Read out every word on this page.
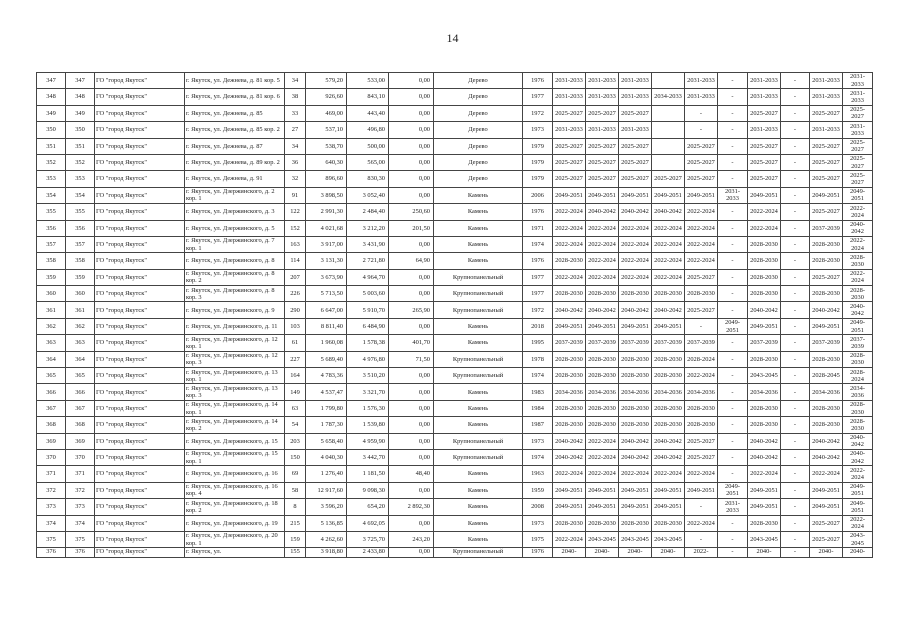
14
347	347	ГО "город Якутск"	г. Якутск, ул. Дежнева, д. 81 кор. 5	34	579,20	533,00	0,00	Дерево	1976	2031-2033	2031-2033	2031-2033		2031-2033	-	2031-2033	-	2031-2033	2031-2033
348	348	ГО "город Якутск"	г. Якутск, ул. Дежнева, д. 81 кор. 6	38	926,60	843,10	0,00	Дерево	1977	2031-2033	2031-2033	2031-2033	2034-2033	2031-2033	-	2031-2033	-	2031-2033	2031-2033
349	349	ГО "город Якутск"	г. Якутск, ул. Дежнева, д. 85	33	469,00	443,40	0,00	Дерево	1972	2025-2027	2025-2027	2025-2027		-	-	2025-2027	-	2025-2027	2025-2027
350	350	ГО "город Якутск"	г. Якутск, ул. Дежнева, д. 85 кор. 2	27	537,10	496,80	0,00	Дерево	1973	2031-2033	2031-2033	2031-2033		-	-	2031-2033	-	2031-2033	2031-2033
351	351	ГО "город Якутск"	г. Якутск, ул. Дежнева, д. 87	34	538,70	500,00	0,00	Дерево	1979	2025-2027	2025-2027	2025-2027		2025-2027	-	2025-2027	-	2025-2027	2025-2027
352	352	ГО "город Якутск"	г. Якутск, ул. Дежнева, д. 89 кор. 2	36	640,30	565,00	0,00	Дерево	1979	2025-2027	2025-2027	2025-2027		2025-2027	-	2025-2027	-	2025-2027	2025-2027
353	353	ГО "город Якутск"	г. Якутск, ул. Дежнева, д. 91	32	896,60	830,30	0,00	Дерево	1979	2025-2027	2025-2027	2025-2027	2025-2027	2025-2027	-	2025-2027	-	2025-2027	2025-2027
354	354	ГО "город Якутск"	г. Якутск, ул. Дзержинского, д. 2 кор. 1	91	3 898,50	3 052,40	0,00	Камень	2006	2049-2051	2049-2051	2049-2051	2049-2051	2049-2051	2031-2033	2049-2051	-	2049-2051	2049-2051
355	355	ГО "город Якутск"	г. Якутск, ул. Дзержинского, д. 3	122	2 991,30	2 484,40	250,60	Камень	1976	2022-2024	2040-2042	2040-2042	2040-2042	2022-2024	-	2022-2024	-	2025-2027	2022-2024
356	356	ГО "город Якутск"	г. Якутск, ул. Дзержинского, д. 5	152	4 021,68	3 212,20	201,50	Камень	1971	2022-2024	2022-2024	2022-2024	2022-2024	2022-2024	-	2022-2024	-	2037-2039	2040-2042
357	357	ГО "город Якутск"	г. Якутск, ул. Дзержинского, д. 7 кор. 1	163	3 917,00	3 431,90	0,00	Камень	1974	2022-2024	2022-2024	2022-2024	2022-2024	2022-2024	-	2028-2030	-	2028-2030	2022-2024
358	358	ГО "город Якутск"	г. Якутск, ул. Дзержинского, д. 8	114	3 131,30	2 721,80	64,90	Камень	1976	2028-2030	2022-2024	2022-2024	2022-2024	2022-2024	-	2028-2030	-	2028-2030	2028-2030
359	359	ГО "город Якутск"	г. Якутск, ул. Дзержинского, д. 8 кор. 2	207	3 673,90	4 964,70	0,00	Крупнопанельный	1977	2022-2024	2022-2024	2022-2024	2022-2024	2025-2027	-	2028-2030	-	2025-2027	2022-2024
360	360	ГО "город Якутск"	г. Якутск, ул. Дзержинского, д. 8 кор. 3	226	5 713,50	5 003,60	0,00	Крупнопанельный	1977	2028-2030	2028-2030	2028-2030	2028-2030	2028-2030	-	2028-2030	-	2028-2030	2028-2030
361	361	ГО "город Якутск"	г. Якутск, ул. Дзержинского, д. 9	290	6 647,00	5 910,70	265,90	Крупнопанельный	1972	2040-2042	2040-2042	2040-2042	2040-2042	2025-2027	-	2040-2042	-	2040-2042	2040-2042
362	362	ГО "город Якутск"	г. Якутск, ул. Дзержинского, д. 11	103	8 811,40	6 484,90	0,00	Камень	2018	2049-2051	2049-2051	2049-2051	2049-2051	-	2049-2051	2049-2051	-	2049-2051	2049-2051
363	363	ГО "город Якутск"	г. Якутск, ул. Дзержинского, д. 12 кор. 1	61	1 960,08	1 578,38	401,70	Камень	1995	2037-2039	2037-2039	2037-2039	2037-2039	2037-2039	-	2037-2039	-	2037-2039	2037-2039
364	364	ГО "город Якутск"	г. Якутск, ул. Дзержинского, д. 12 кор. 3	227	5 689,40	4 976,80	71,50	Крупнопанельный	1978	2028-2030	2028-2030	2028-2030	2028-2030	2028-2024	-	2028-2030	-	2028-2030	2028-2030
365	365	ГО "город Якутск"	г. Якутск, ул. Дзержинского, д. 13 кор. 1	164	4 783,36	3 510,20	0,00	Крупнопанельный	1974	2028-2030	2028-2030	2028-2030	2028-2030	2022-2024	-	2043-2045	-	2028-2045	2028-2024
366	366	ГО "город Якутск"	г. Якутск, ул. Дзержинского, д. 13 кор. 3	149	4 537,47	3 321,70	0,00	Камень	1983	2034-2036	2034-2036	2034-2036	2034-2036	2034-2036	-	2034-2036	-	2034-2036	2034-2036
367	367	ГО "город Якутск"	г. Якутск, ул. Дзержинского, д. 14 кор. 1	63	1 799,80	1 576,30	0,00	Камень	1984	2028-2030	2028-2030	2028-2030	2028-2030	2028-2030	-	2028-2030	-	2028-2030	2028-2030
368	368	ГО "город Якутск"	г. Якутск, ул. Дзержинского, д. 14 кор. 2	54	1 787,30	1 539,80	0,00	Камень	1987	2028-2030	2028-2030	2028-2030	2028-2030	2028-2030	-	2028-2030	-	2028-2030	2028-2030
369	369	ГО "город Якутск"	г. Якутск, ул. Дзержинского, д. 15	203	5 658,40	4 959,90	0,00	Крупнопанельный	1973	2040-2042	2022-2024	2040-2042	2040-2042	2025-2027	-	2040-2042	-	2040-2042	2040-2042
370	370	ГО "город Якутск"	г. Якутск, ул. Дзержинского, д. 15 кор. 1	150	4 040,30	3 442,70	0,00	Крупнопанельный	1974	2040-2042	2022-2024	2040-2042	2040-2042	2025-2027	-	2040-2042	-	2040-2042	2040-2042
371	371	ГО "город Якутск"	г. Якутск, ул. Дзержинского, д. 16	69	1 276,40	1 181,50	48,40	Камень	1963	2022-2024	2022-2024	2022-2024	2022-2024	2022-2024	-	2022-2024	-	2022-2024	2022-2024
372	372	ГО "город Якутск"	г. Якутск, ул. Дзержинского, д. 16 кор. 4	58	12 917,60	9 098,30	0,00	Камень	1959	2049-2051	2049-2051	2049-2051	2049-2051	2049-2051	2049-2051	2049-2051	-	2049-2051	2049-2051
373	373	ГО "город Якутск"	г. Якутск, ул. Дзержинского, д. 18 кор. 2	8	3 596,20	654,20	2 892,30	Камень	2008	2049-2051	2049-2051	2049-2051	2049-2051	-	2031-2033	2049-2051	-	2049-2051	2049-2051
374	374	ГО "город Якутск"	г. Якутск, ул. Дзержинского, д. 19	215	5 136,85	4 692,05	0,00	Камень	1973	2028-2030	2028-2030	2028-2030	2028-2030	2022-2024	-	2028-2030	-	2025-2027	2022-2024
375	375	ГО "город Якутск"	г. Якутск, ул. Дзержинского, д. 20 кор. 1	159	4 262,60	3 725,70	243,20	Камень	1975	2022-2024	2043-2045	2043-2045	2043-2045	-	-	2043-2045	-	2025-2027	2043-2045
376	376	ГО "город Якутск"	г. Якутск, ул.	155	3 918,80	2 433,80	0,00	Крупнопанельный	1976	2040-	2040-	2040-	2040-	2022-	-	2040-	-	2040-	2040-
